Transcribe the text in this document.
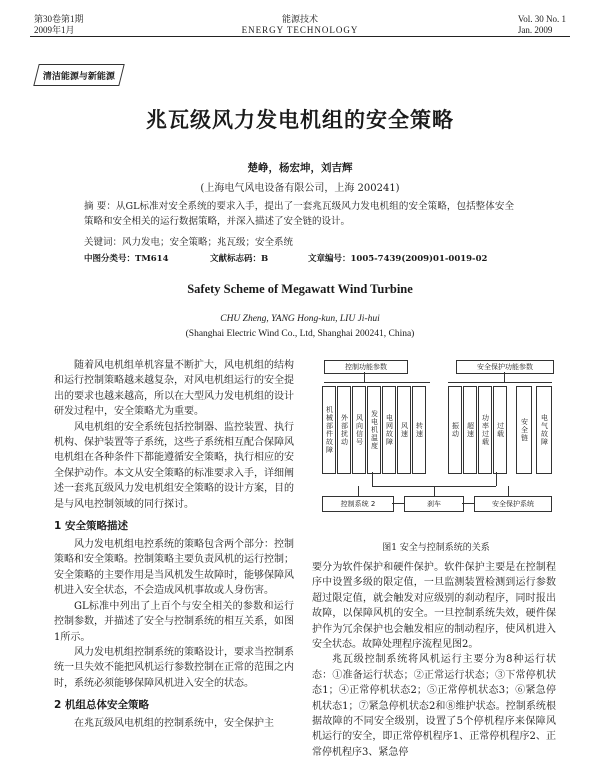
第30卷第1期
2009年1月
能源技术
ENERGY TECHNOLOGY
Vol. 30 No. 1
Jan. 2009
清洁能源与新能源
兆瓦级风力发电机组的安全策略
楚峥，杨宏坤，刘吉辉
(上海电气风电设备有限公司，上海 200241)
摘 要：从GL标准对安全系统的要求入手，提出了一套兆瓦级风力发电机组的安全策略，包括整体安全策略和安全相关的运行数据策略，并深入描述了安全链的设计。
关键词：风力发电；安全策略；兆瓦级；安全系统
中图分类号：TM614	文献标志码：B	文章编号：1005-7439(2009)01-0019-02
Safety Scheme of Megawatt Wind Turbine
CHU Zheng, YANG Hong-kun, LIU Ji-hui
(Shanghai Electric Wind Co., Ltd, Shanghai 200241, China)
随着风电机组单机容量不断扩大，风电机组的结构和运行控制策略越来越复杂，对风电机组运行的安全提出的要求也越来越高，所以在大型风力发电机组的设计研发过程中，安全策略尤为重要。
风电机组的安全系统包括控制器、监控装置、执行机构、保护装置等子系统，这些子系统相互配合保障风电机组在各种条件下都能遵循安全策略，执行相应的安全保护动作。本文从安全策略的标准要求入手，详细阐述一套兆瓦级风力发电机组安全策略的设计方案，目的是与风电控制领域的同行探讨。
1 安全策略描述
风力发电机组电控系统的策略包含两个部分：控制策略和安全策略。控制策略主要负责风机的运行控制；安全策略的主要作用是当风机发生故障时，能够保障风机进入安全状态，不会造成风机事故或人身伤害。
GL标准中列出了上百个与安全相关的参数和运行控制参数，并描述了安全与控制系统的相互关系，如图1所示。
风力发电机组控制系统的策略设计，要求当控制系统一旦失效不能把风机运行参数控制在正常的范围之内时，系统必须能够保障风机进入安全的状态。
2 机组总体安全策略
在兆瓦级风电机组的控制系统中，安全保护主
控制功能参数	安全保护功能参数
机械部件故障	外部扰动	风向信号	发电机温度	电网故障	风速	转速	振动	超速	功率过载	过载	安全链	电气故障
控制系统 2	刹车	安全保护系统
图1 安全与控制系统的关系
要分为软件保护和硬件保护。软件保护主要是在控制程序中设置多级的限定值，一旦监测装置检测到运行参数超过限定值，就会触发对应级别的刹动程序，同时报出故障，以保障风机的安全。一旦控制系统失效，硬件保护作为冗余保护也会触发相应的制动程序，使风机进入安全状态。故障处理程序流程见图2。
兆瓦级控制系统将风机运行主要分为8种运行状态：①准备运行状态；②正常运行状态；③下常停机状态1；④正常停机状态2；⑤正常停机状态3；⑥紧急停机状态1；⑦紧急停机状态2和⑧维护状态。控制系统根据故障的不同安全级别，设置了5个停机程序来保障风机运行的安全，即正常停机程序1、正常停机程序2、正常停机程序3、紧急停
